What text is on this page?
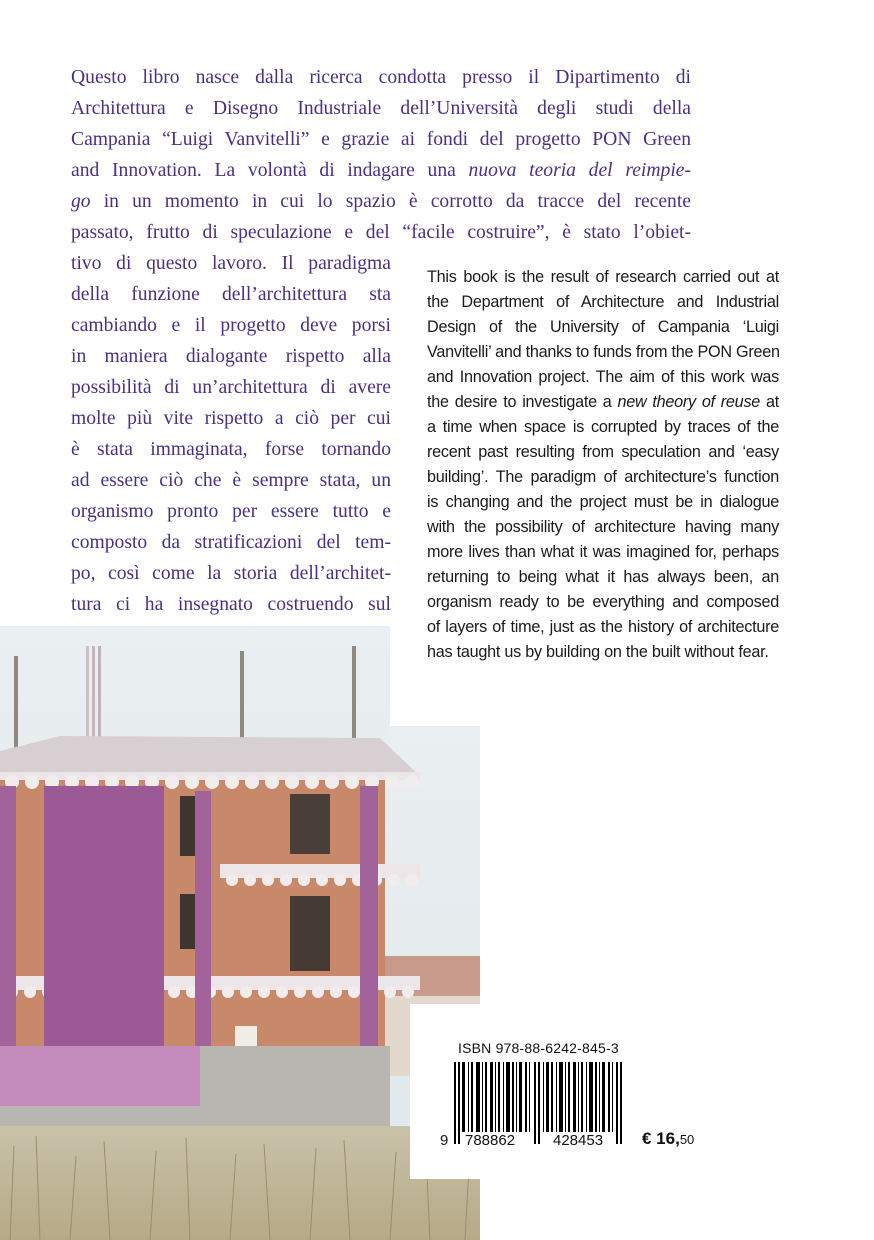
Questo libro nasce dalla ricerca condotta presso il Dipartimento di
Architettura e Disegno Industriale dell’Università degli studi della
Campania “Luigi Vanvitelli” e grazie ai fondi del progetto PON Green
and Innovation. La volontà di indagare una nuova teoria del reimpie-
go in un momento in cui lo spazio è corrotto da tracce del recente
passato, frutto di speculazione e del “facile costruire”, è stato l’obiet-
tivo di questo lavoro. Il paradigma
della funzione dell’architettura sta
cambiando e il progetto deve porsi
in maniera dialogante rispetto alla
possibilità di un’architettura di avere
molte più vite rispetto a ciò per cui
è stata immaginata, forse tornando
ad essere ciò che è sempre stata, un
organismo pronto per essere tutto e
composto da stratificazioni del tem-
po, così come la storia dell’architet-
tura ci ha insegnato costruendo sul
This book is the result of research carried out at
the Department of Architecture and Industrial
Design of the University of Campania ‘Luigi
Vanvitelli’ and thanks to funds from the PON Green
and Innovation project. The aim of this work was
the desire to investigate a new theory of reuse at
a time when space is corrupted by traces of the
recent past resulting from speculation and ‘easy
building’. The paradigm of architecture’s function
is changing and the project must be in dialogue
with the possibility of architecture having many
more lives than what it was imagined for, perhaps
returning to being what it has always been, an
organism ready to be everything and composed
of layers of time, just as the history of architecture
has taught us by building on the built without fear.
ISBN 978-88-6242-845-3
9 788862	428453 € 16,50
